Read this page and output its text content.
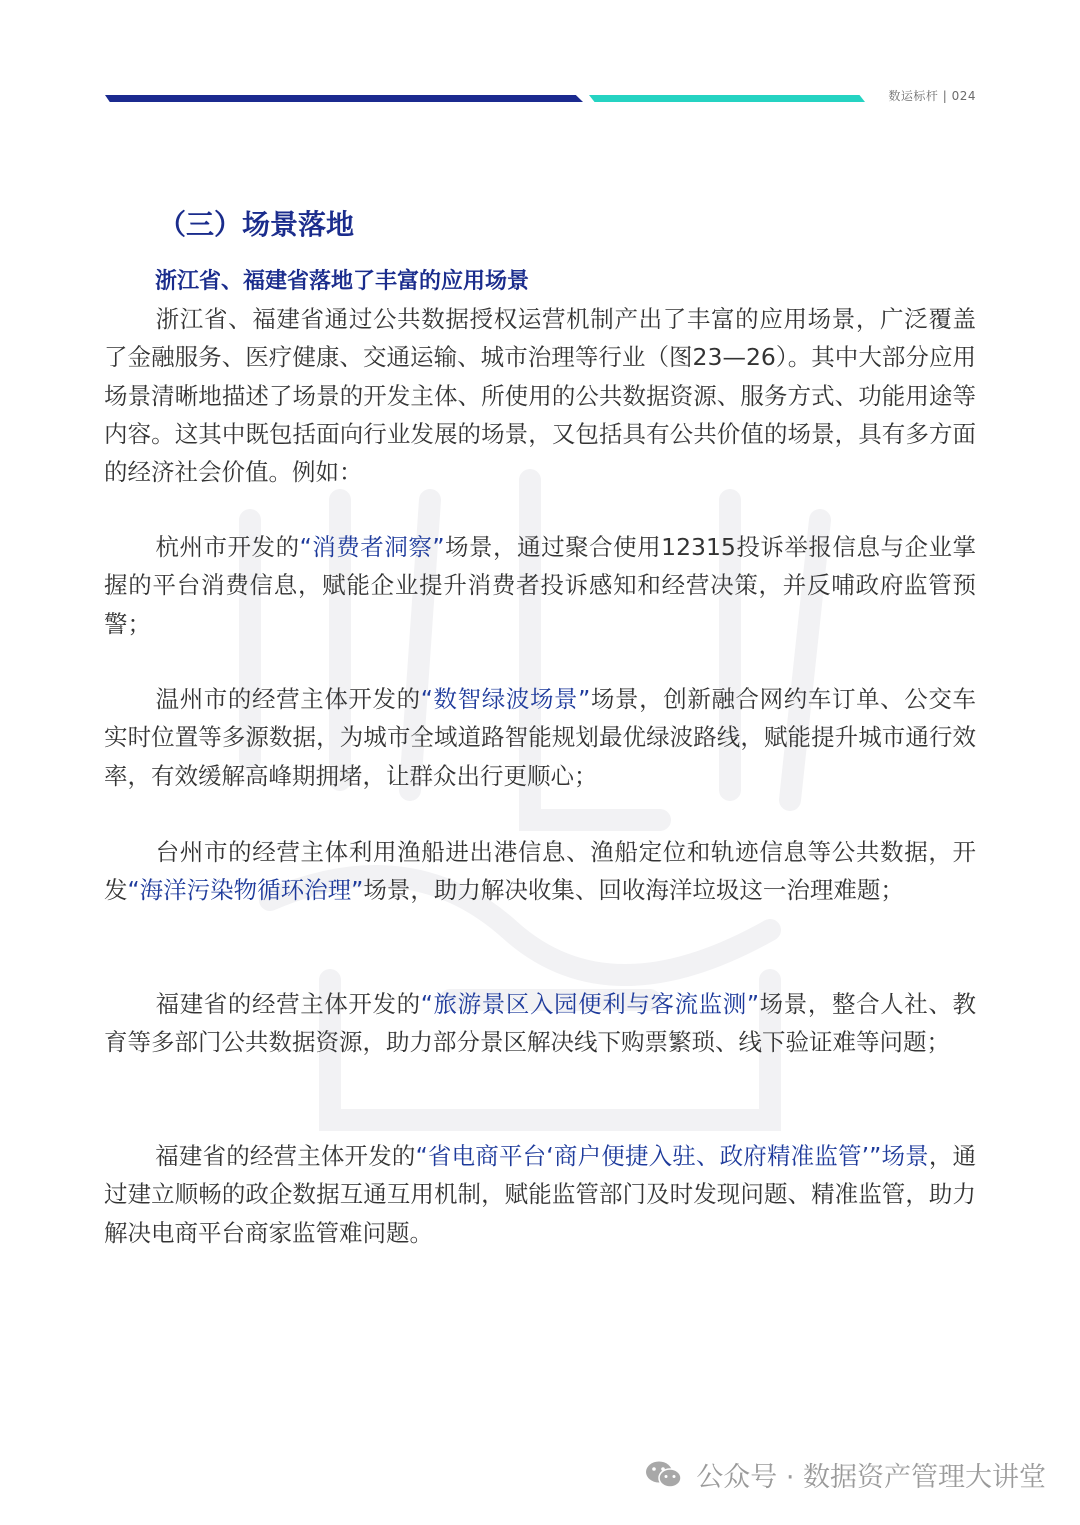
数运标杆 | 024
（三）场景落地
浙江省、福建省落地了丰富的应用场景
浙江省、福建省通过公共数据授权运营机制产出了丰富的应用场景，广泛覆盖了金融服务、医疗健康、交通运输、城市治理等行业（图23—26）。其中大部分应用场景清晰地描述了场景的开发主体、所使用的公共数据资源、服务方式、功能用途等内容。这其中既包括面向行业发展的场景，又包括具有公共价值的场景，具有多方面的经济社会价值。例如：
杭州市开发的“消费者洞察”场景，通过聚合使用12315投诉举报信息与企业掌握的平台消费信息，赋能企业提升消费者投诉感知和经营决策，并反哺政府监管预警；
温州市的经营主体开发的“数智绿波场景”场景，创新融合网约车订单、公交车实时位置等多源数据，为城市全域道路智能规划最优绿波路线，赋能提升城市通行效率，有效缓解高峰期拥堵，让群众出行更顺心；
台州市的经营主体利用渔船进出港信息、渔船定位和轨迹信息等公共数据，开发“海洋污染物循环治理”场景，助力解决收集、回收海洋垃圾这一治理难题；
福建省的经营主体开发的“旅游景区入园便利与客流监测”场景，整合人社、教育等多部门公共数据资源，助力部分景区解决线下购票繁琐、线下验证难等问题；
福建省的经营主体开发的“省电商平台‘商户便捷入驻、政府精准监管’”场景，通过建立顺畅的政企数据互通互用机制，赋能监管部门及时发现问题、精准监管，助力解决电商平台商家监管难问题。
公众号 · 数据资产管理大讲堂
